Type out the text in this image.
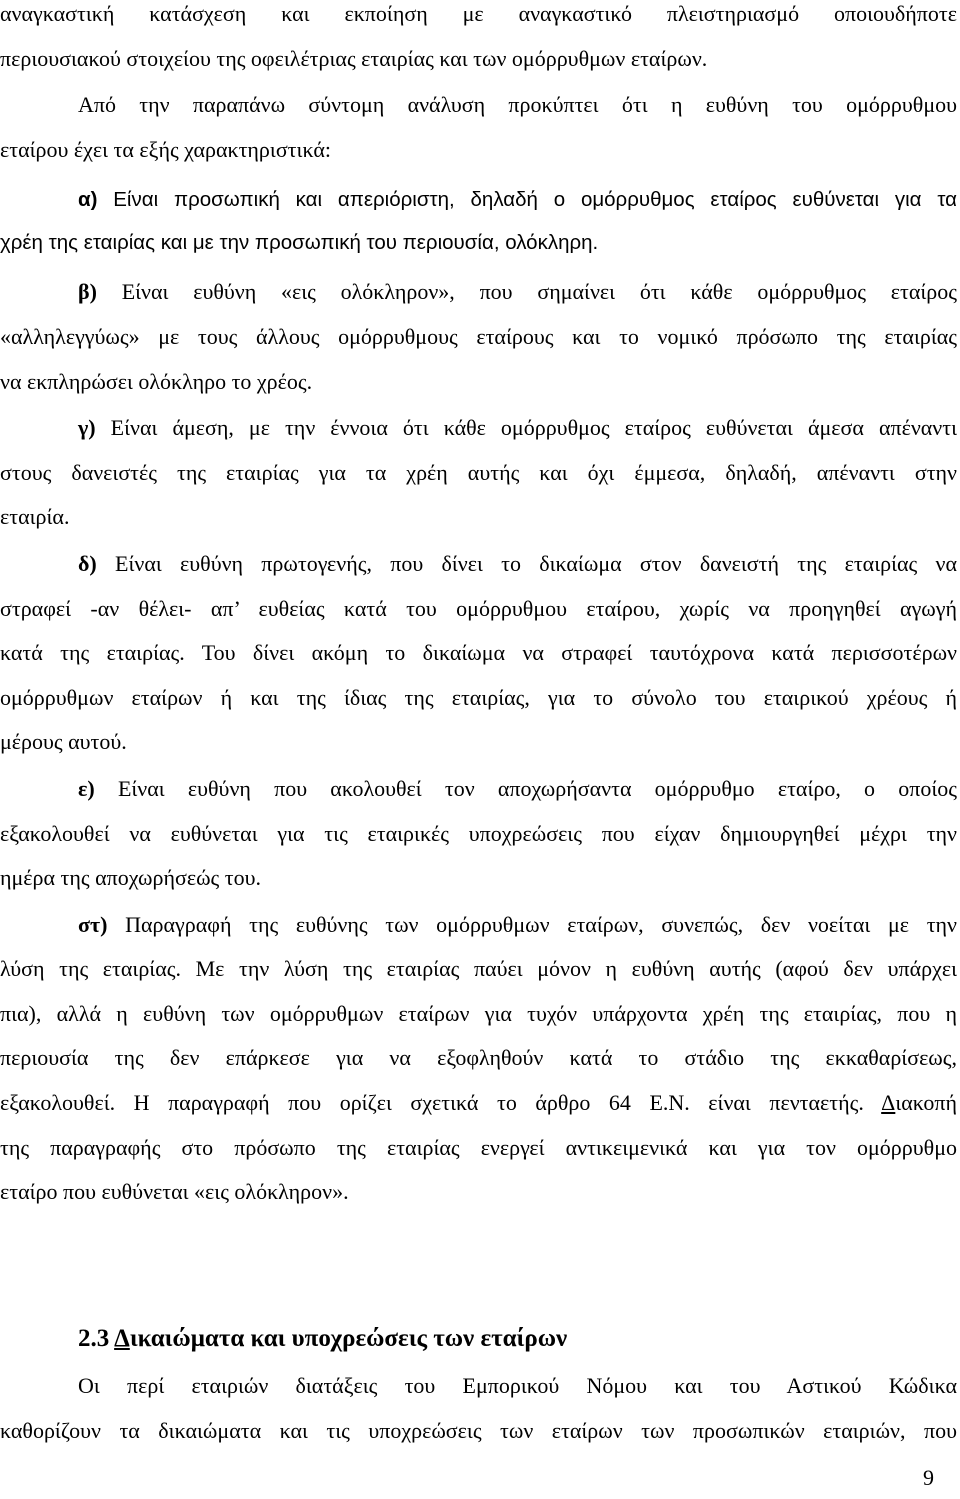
αναγκαστική κατάσχεση και εκποίηση με αναγκαστικό πλειστηριασμό οποιουδήποτε
περιουσιακού στοιχείου της οφειλέτριας εταιρίας και των ομόρρυθμων εταίρων.
Από την παραπάνω σύντομη ανάλυση προκύπτει ότι η ευθύνη του ομόρρυθμου
εταίρου έχει τα εξής χαρακτηριστικά:
α) Είναι προσωπική και απεριόριστη, δηλαδή ο ομόρρυθμος εταίρος ευθύνεται για τα
χρέη της εταιρίας και με την προσωπική του περιουσία, ολόκληρη.
β) Είναι ευθύνη «εις ολόκληρον», που σημαίνει ότι κάθε ομόρρυθμος εταίρος
«αλληλεγγύως» με τους άλλους ομόρρυθμους εταίρους και το νομικό πρόσωπο της εταιρίας
να εκπληρώσει ολόκληρο το χρέος.
γ) Είναι άμεση, με την έννοια ότι κάθε ομόρρυθμος εταίρος ευθύνεται άμεσα απέναντι
στους δανειστές της εταιρίας για τα χρέη αυτής και όχι έμμεσα, δηλαδή, απέναντι στην
εταιρία.
δ) Είναι ευθύνη πρωτογενής, που δίνει το δικαίωμα στον δανειστή της εταιρίας να
στραφεί -αν θέλει- απ’ ευθείας κατά του ομόρρυθμου εταίρου, χωρίς να προηγηθεί αγωγή
κατά της εταιρίας. Του δίνει ακόμη το δικαίωμα να στραφεί ταυτόχρονα κατά περισσοτέρων
ομόρρυθμων εταίρων ή και της ίδιας της εταιρίας, για το σύνολο του εταιρικού χρέους ή
μέρους αυτού.
ε) Είναι ευθύνη που ακολουθεί τον αποχωρήσαντα ομόρρυθμο εταίρο, ο οποίος
εξακολουθεί να ευθύνεται για τις εταιρικές υποχρεώσεις που είχαν δημιουργηθεί μέχρι την
ημέρα της αποχωρήσεώς του.
στ) Παραγραφή της ευθύνης των ομόρρυθμων εταίρων, συνεπώς, δεν νοείται με την
λύση της εταιρίας. Με την λύση της εταιρίας παύει μόνον η ευθύνη αυτής (αφού δεν υπάρχει
πια), αλλά η ευθύνη των ομόρρυθμων εταίρων για τυχόν υπάρχοντα χρέη της εταιρίας, που η
περιουσία της δεν επάρκεσε για να εξοφληθούν κατά το στάδιο της εκκαθαρίσεως,
εξακολουθεί. Η παραγραφή που ορίζει σχετικά το άρθρο 64 Ε.Ν. είναι πενταετής. Διακοπή
της παραγραφής στο πρόσωπο της εταιρίας ενεργεί αντικειμενικά και για τον ομόρρυθμο
εταίρο που ευθύνεται «εις ολόκληρον».
2.3 Δικαιώματα και υποχρεώσεις των εταίρων
Οι περί εταιριών διατάξεις του Εμπορικού Νόμου και του Αστικού Κώδικα
καθορίζουν τα δικαιώματα και τις υποχρεώσεις των εταίρων των προσωπικών εταιριών, που
9
